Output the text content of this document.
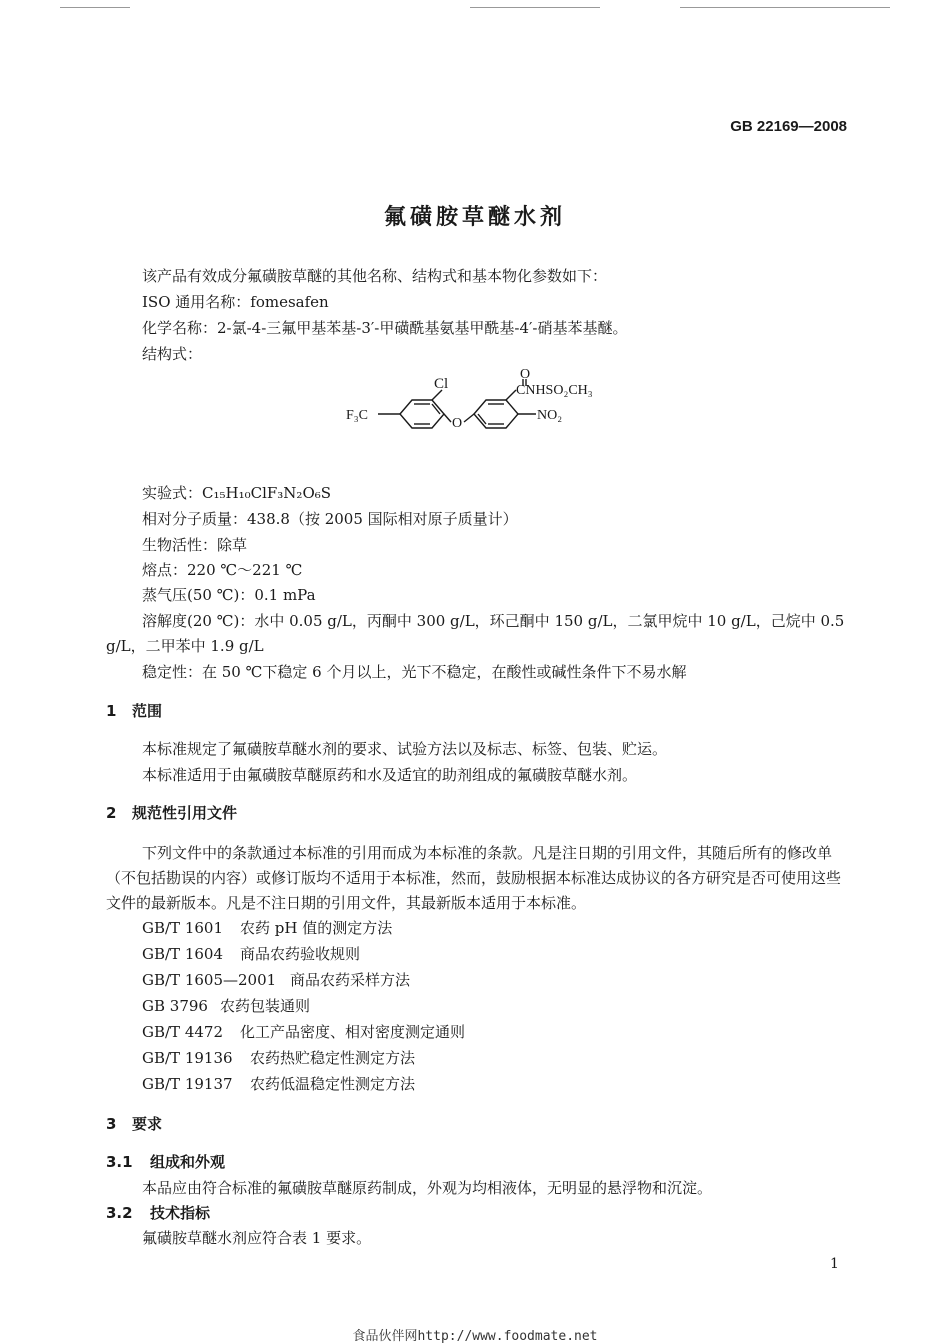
GB 22169—2008
氟磺胺草醚水剂
该产品有效成分氟磺胺草醚的其他名称、结构式和基本物化参数如下：
ISO 通用名称：fomesafen
化学名称：2-氯-4-三氟甲基苯基-3′-甲磺酰基氨基甲酰基-4′-硝基苯基醚。
结构式：
Cl
O
CNHSO₂CH₃
F₃C
O
NO₂
实验式：C₁₅H₁₀ClF₃N₂O₆S
相对分子质量：438.8（按 2005 国际相对原子质量计）
生物活性：除草
熔点：220 ℃～221 ℃
蒸气压(50 ℃)：0.1 mPa
溶解度(20 ℃)：水中 0.05 g/L，丙酮中 300 g/L，环己酮中 150 g/L，二氯甲烷中 10 g/L，己烷中 0.5 g/L，二甲苯中 1.9 g/L
稳定性：在 50 ℃下稳定 6 个月以上，光下不稳定，在酸性或碱性条件下不易水解
1 范围
本标准规定了氟磺胺草醚水剂的要求、试验方法以及标志、标签、包装、贮运。
本标准适用于由氟磺胺草醚原药和水及适宜的助剂组成的氟磺胺草醚水剂。
2 规范性引用文件
下列文件中的条款通过本标准的引用而成为本标准的条款。凡是注日期的引用文件，其随后所有的修改单（不包括勘误的内容）或修订版均不适用于本标准，然而，鼓励根据本标准达成协议的各方研究是否可使用这些文件的最新版本。凡是不注日期的引用文件，其最新版本适用于本标准。
GB/T 1601 农药 pH 值的测定方法
GB/T 1604 商品农药验收规则
GB/T 1605—2001 商品农药采样方法
GB 3796 农药包装通则
GB/T 4472 化工产品密度、相对密度测定通则
GB/T 19136 农药热贮稳定性测定方法
GB/T 19137 农药低温稳定性测定方法
3 要求
3.1 组成和外观
本品应由符合标准的氟磺胺草醚原药制成，外观为均相液体，无明显的悬浮物和沉淀。
3.2 技术指标
氟磺胺草醚水剂应符合表 1 要求。
1
食品伙伴网http://www.foodmate.net
